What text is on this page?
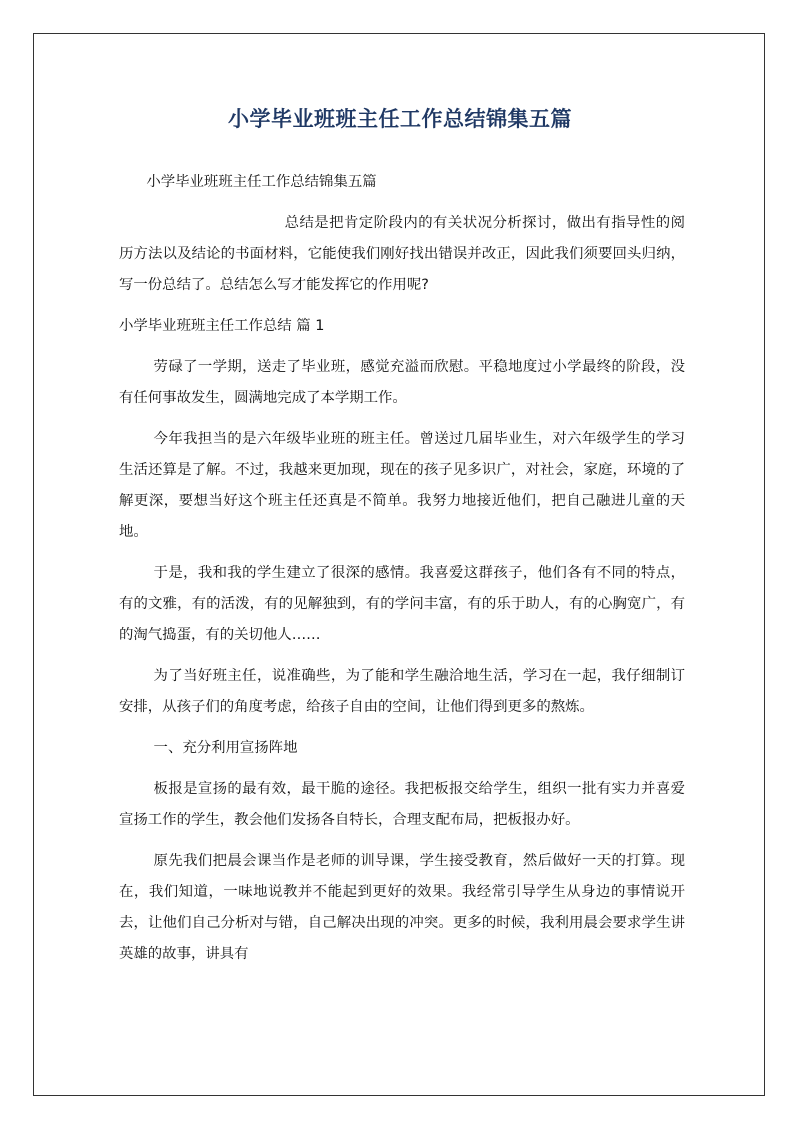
小学毕业班班主任工作总结锦集五篇

小学毕业班班主任工作总结锦集五篇

总结是把肯定阶段内的有关状况分析探讨，做出有指导性的阅历方法以及结论的书面材料，它能使我们刚好找出错误并改正，因此我们须要回头归纳，写一份总结了。总结怎么写才能发挥它的作用呢?

小学毕业班班主任工作总结 篇 1

劳碌了一学期，送走了毕业班，感觉充溢而欣慰。平稳地度过小学最终的阶段，没有任何事故发生，圆满地完成了本学期工作。

今年我担当的是六年级毕业班的班主任。曾送过几届毕业生，对六年级学生的学习生活还算是了解。不过，我越来更加现，现在的孩子见多识广，对社会，家庭，环境的了解更深，要想当好这个班主任还真是不简单。我努力地接近他们，把自己融进儿童的天地。

于是，我和我的学生建立了很深的感情。我喜爱这群孩子，他们各有不同的特点，有的文雅，有的活泼，有的见解独到，有的学问丰富，有的乐于助人，有的心胸宽广，有的淘气捣蛋，有的关切他人……

为了当好班主任，说准确些，为了能和学生融洽地生活，学习在一起，我仔细制订安排，从孩子们的角度考虑，给孩子自由的空间，让他们得到更多的熬炼。

一、充分利用宣扬阵地

板报是宣扬的最有效，最干脆的途径。我把板报交给学生，组织一批有实力并喜爱宣扬工作的学生，教会他们发扬各自特长，合理支配布局，把板报办好。

原先我们把晨会课当作是老师的训导课，学生接受教育，然后做好一天的打算。现在，我们知道，一味地说教并不能起到更好的效果。我经常引导学生从身边的事情说开去，让他们自己分析对与错，自己解决出现的冲突。更多的时候，我利用晨会要求学生讲英雄的故事，讲具有
